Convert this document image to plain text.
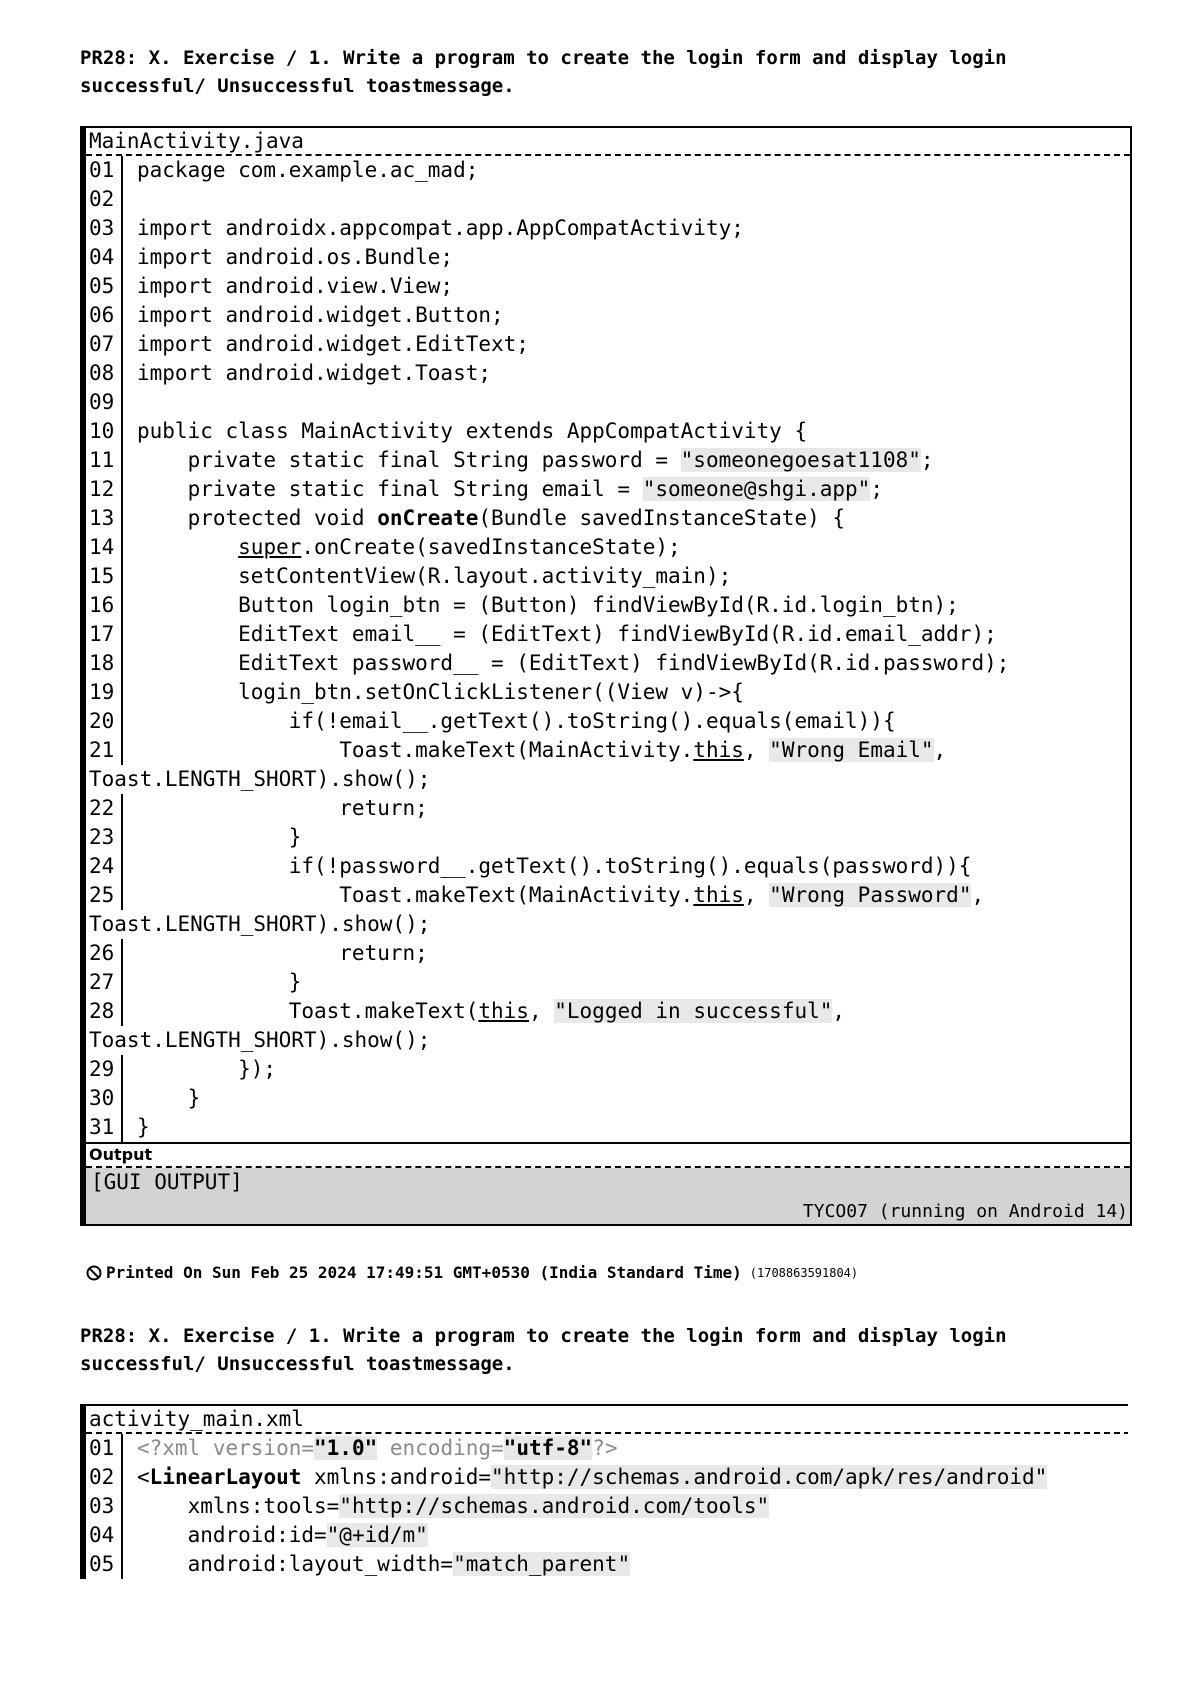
PR28: X. Exercise / 1. Write a program to create the login form and display login successful/ Unsuccessful toastmessage.
MainActivity.java
01	package com.example.ac_mad;
02
03	import androidx.appcompat.app.AppCompatActivity;
04	import android.os.Bundle;
05	import android.view.View;
06	import android.widget.Button;
07	import android.widget.EditText;
08	import android.widget.Toast;
09
10	public class MainActivity extends AppCompatActivity {
11	private static final String password = "someonegoesat1108";
12	private static final String email = "someone@shgi.app";
13	protected void onCreate(Bundle savedInstanceState) {
14	super.onCreate(savedInstanceState);
15	setContentView(R.layout.activity_main);
16	Button login_btn = (Button) findViewById(R.id.login_btn);
17	EditText email__ = (EditText) findViewById(R.id.email_addr);
18	EditText password__ = (EditText) findViewById(R.id.password);
19	login_btn.setOnClickListener((View v)->{
20	if(!email__.getText().toString().equals(email)){
21	Toast.makeText(MainActivity.this, "Wrong Email",
Toast.LENGTH_SHORT).show();
22	return;
23	}
24	if(!password__.getText().toString().equals(password)){
25	Toast.makeText(MainActivity.this, "Wrong Password",
Toast.LENGTH_SHORT).show();
26	return;
27	}
28	Toast.makeText(this, "Logged in successful",
Toast.LENGTH_SHORT).show();
29	});
30	}
31	}
Output
[GUI OUTPUT]
TYCO07 (running on Android 14)
Printed On Sun Feb 25 2024 17:49:51 GMT+0530 (India Standard Time) (1708863591804)
PR28: X. Exercise / 1. Write a program to create the login form and display login successful/ Unsuccessful toastmessage.
activity_main.xml
01	<?xml version="1.0" encoding="utf-8"?>
02	<LinearLayout xmlns:android="http://schemas.android.com/apk/res/android"
03	xmlns:tools="http://schemas.android.com/tools"
04	android:id="@+id/m"
05	android:layout_width="match_parent"
